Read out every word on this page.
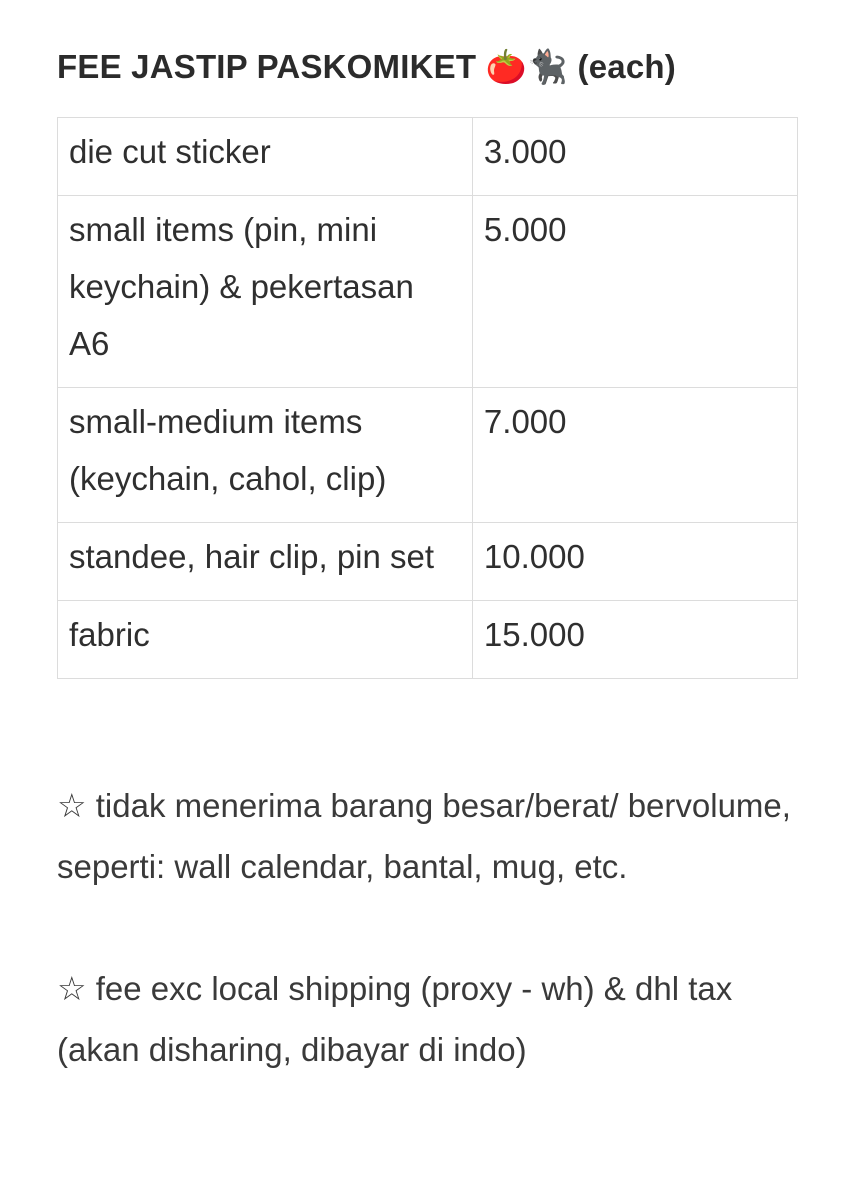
FEE JASTIP PASKOMIKET 🍅🐈‍⬛ (each)
die cut sticker	3.000

small items (pin, mini keychain) & pekertasan A6	5.000

small-medium items (keychain, cahol, clip)	7.000

standee, hair clip, pin set	10.000

fabric	15.000

☆ tidak menerima barang besar/berat/ bervolume, seperti: wall calendar, bantal, mug, etc.

☆ fee exc local shipping (proxy - wh) & dhl tax (akan disharing, dibayar di indo)
